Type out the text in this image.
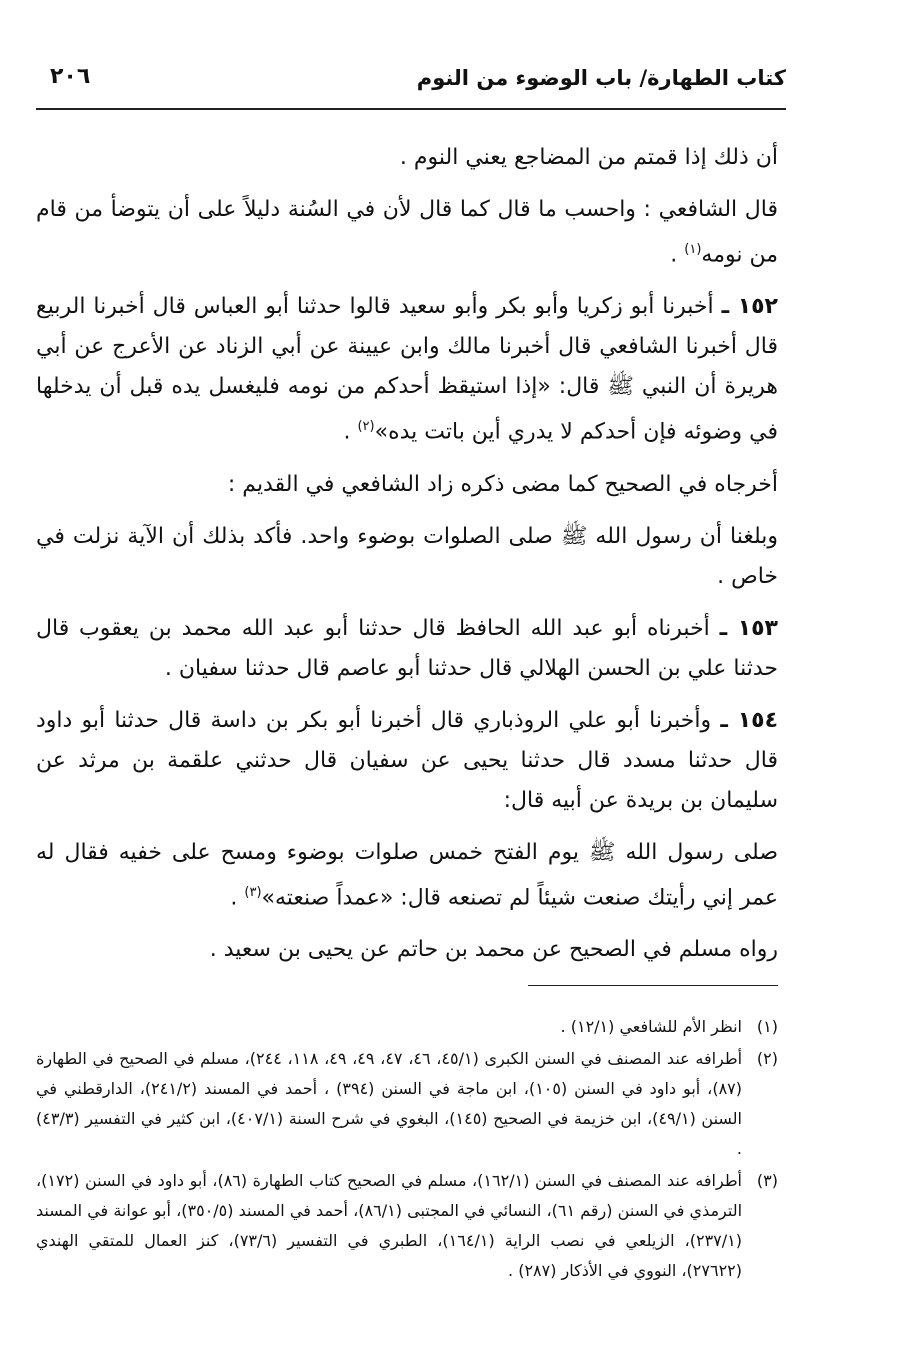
كتاب الطهارة/ باب الوضوء من النوم
٢٠٦

أن ذلك إذا قمتم من المضاجع يعني النوم .

قال الشافعي : واحسب ما قال كما قال لأن في السُنة دليلاً على أن يتوضأ من قام من نومه$^{(١)}$ .

١٥٢ ـ أخبرنا أبو زكريا وأبو بكر وأبو سعيد قالوا حدثنا أبو العباس قال أخبرنا الربيع قال أخبرنا الشافعي قال أخبرنا مالك وابن عيينة عن أبي الزناد عن الأعرج عن أبي هريرة أن النبي ﷺ قال: «إذا استيقظ أحدكم من نومه فليغسل يده قبل أن يدخلها في وضوئه فإن أحدكم لا يدري أين باتت يده»$^{(٢)}$ .

أخرجاه في الصحيح كما مضى ذكره زاد الشافعي في القديم :

وبلغنا أن رسول الله ﷺ صلى الصلوات بوضوء واحد. فأكد بذلك أن الآية نزلت في خاص .

١٥٣ ـ أخبرناه أبو عبد الله الحافظ قال حدثنا أبو عبد الله محمد بن يعقوب قال حدثنا علي بن الحسن الهلالي قال حدثنا أبو عاصم قال حدثنا سفيان .

١٥٤ ـ وأخبرنا أبو علي الروذباري قال أخبرنا أبو بكر بن داسة قال حدثنا أبو داود قال حدثنا مسدد قال حدثنا يحيى عن سفيان قال حدثني علقمة بن مرثد عن سليمان بن بريدة عن أبيه قال:

صلى رسول الله ﷺ يوم الفتح خمس صلوات بوضوء ومسح على خفيه فقال له عمر إني رأيتك صنعت شيئاً لم تصنعه قال: «عمداً صنعته»$^{(٣)}$ .

رواه مسلم في الصحيح عن محمد بن حاتم عن يحيى بن سعيد .

(١)
انظر الأم للشافعي (١٢/١) .
(٢)
أطرافه عند المصنف في السنن الكبرى (٤٥/١، ٤٦، ٤٧، ٤٩، ٤٩، ١١٨، ٢٤٤)، مسلم في الصحيح في الطهارة (٨٧)، أبو داود في السنن (١٠٥)، ابن ماجة في السنن (٣٩٤) ، أحمد في المسند (٢٤١/٢)، الدارقطني في السنن (٤٩/١)، ابن خزيمة في الصحيح (١٤٥)، البغوي في شرح السنة (٤٠٧/١)، ابن كثير في التفسير (٤٣/٣) .
(٣)
أطرافه عند المصنف في السنن (١٦٢/١)، مسلم في الصحيح كتاب الطهارة (٨٦)، أبو داود في السنن (١٧٢)، الترمذي في السنن (رقم ٦١)، النسائي في المجتبى (٨٦/١)، أحمد في المسند (٣٥٠/٥)، أبو عوانة في المسند (٢٣٧/١)، الزيلعي في نصب الراية (١٦٤/١)، الطبري في التفسير (٧٣/٦)، كنز العمال للمتقي الهندي (٢٧٦٢٢)، النووي في الأذكار (٢٨٧) .
